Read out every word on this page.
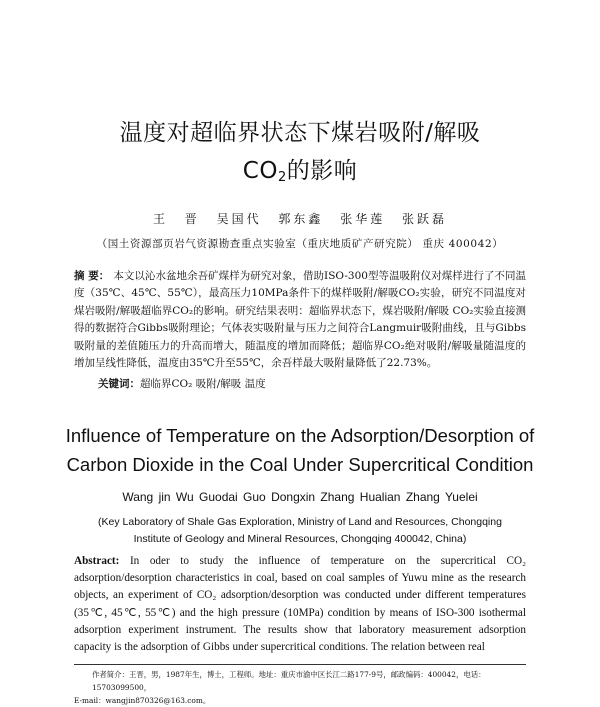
温度对超临界状态下煤岩吸附/解吸
$CO_2$的影响
王 晋 吴国代 郭东鑫 张华莲 张跃磊
（国土资源部页岩气资源勘查重点实验室（重庆地质矿产研究院） 重庆 400042）
摘 要： 本文以沁水盆地余吾矿煤样为研究对象，借助ISO-300型等温吸附仪对煤样进行了不同温度（35℃、45℃、55℃），最高压力10MPa条件下的煤样吸附/解吸CO₂实验，研究不同温度对煤岩吸附/解吸超临界CO₂的影响。研究结果表明：超临界状态下，煤岩吸附/解吸 CO₂实验直接测得的数据符合Gibbs吸附理论；气体表实吸附量与压力之间符合Langmuir吸附曲线，且与Gibbs吸附量的差值随压力的升高而增大，随温度的增加而降低；超临界CO₂绝对吸附/解吸量随温度的增加呈线性降低，温度由35℃升至55℃，余吾样最大吸附量降低了22.73%。
关键词：超临界CO₂ 吸附/解吸 温度
Influence of Temperature on the Adsorption/Desorption of
Carbon Dioxide in the Coal Under Supercritical Condition
Wang jin Wu Guodai Guo Dongxin Zhang Hualian Zhang Yuelei
(Key Laboratory of Shale Gas Exploration, Ministry of Land and Resources, Chongqing Institute of Geology and Mineral Resources, Chongqing 400042, China)
Abstract: In oder to study the influence of temperature on the supercritical CO₂ adsorption/desorption characteristics in coal, based on coal samples of Yuwu mine as the research objects, an experiment of CO₂ adsorption/desorption was conducted under different temperatures (35℃, 45℃, 55℃) and the high pressure (10MPa) condition by means of ISO-300 isothermal adsorption experiment instrument. The results show that laboratory measurement adsorption capacity is the adsorption of Gibbs under supercritical conditions. The relation between real
作者简介：王晋，男，1987年生，博士，工程师。地址：重庆市渝中区长江二路177-9号，邮政编码：400042，电话：15703099500，
E-mail：wangjin870326@163.com。
